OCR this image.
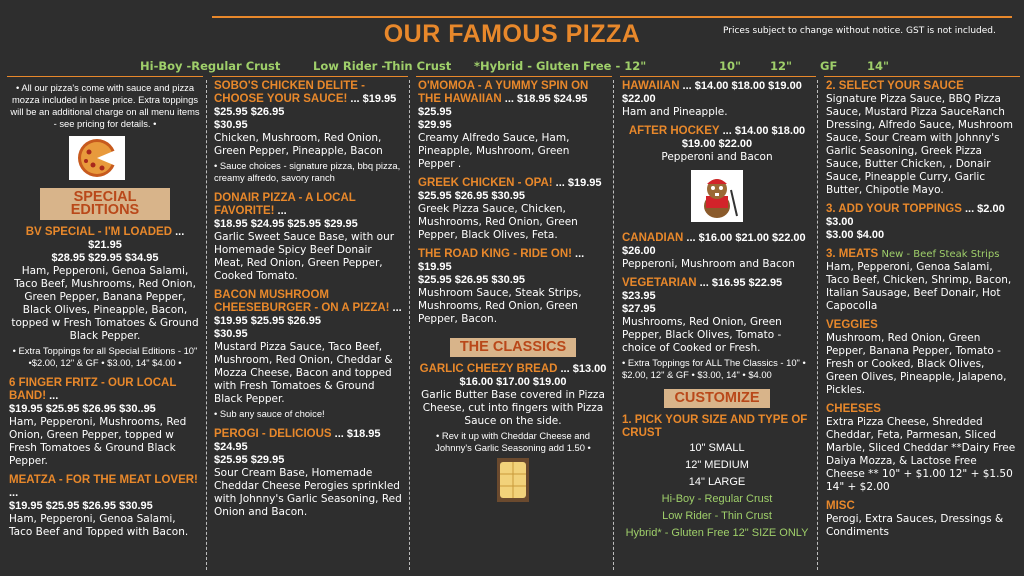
OUR FAMOUS PIZZA	Prices subject to change without notice. GST is not included.
Hi-Boy -Regular Crust	Low Rider -Thin Crust *Hybrid - Gluten Free - 12"	10"	12" GF	14"
• All our pizza's come with sauce and pizza mozza included in base price. Extra toppings will be an additional charge on all menu items - see pricing for details. •
SPECIAL EDITIONS
BV SPECIAL - I'M LOADED ... $21.95
$28.95 $29.95 $34.95
Ham, Pepperoni, Genoa Salami, Taco Beef, Mushrooms, Red Onion, Green Pepper, Banana Pepper, Black Olives, Pineapple, Bacon, topped w Fresh Tomatoes & Ground Black Pepper.
• Extra Toppings for all Special Editions - 10" •$2.00, 12" & GF • $3.00, 14" $4.00 •
6 FINGER FRITZ - OUR LOCAL BAND! ...
$19.95 $25.95 $26.95 $30..95
Ham, Pepperoni, Mushrooms, Red Onion, Green Pepper, topped w Fresh Tomatoes & Ground Black Pepper.
MEATZA - FOR THE MEAT LOVER! ...
$19.95 $25.95 $26.95 $30.95
Ham, Pepperoni, Genoa Salami, Taco Beef and Topped with Bacon.
SOBO'S CHICKEN DELITE - CHOOSE YOUR SAUCE! ... $19.95 $25.95 $26.95
$30.95
Chicken, Mushroom, Red Onion, Green Pepper, Pineapple, Bacon
• Sauce choices - signature pizza, bbq pizza, creamy alfredo, savory ranch
DONAIR PIZZA - A LOCAL FAVORITE! ...
$18.95 $24.95 $25.95 $29.95
Garlic Sweet Sauce Base, with our Homemade Spicy Beef Donair Meat, Red Onion, Green Pepper, Cooked Tomato.
BACON MUSHROOM CHEESEBURGER - ON A PIZZA! ... $19.95 $25.95 $26.95
$30.95
Mustard Pizza Sauce, Taco Beef, Mushroom, Red Onion, Cheddar & Mozza Cheese, Bacon and topped with Fresh Tomatoes & Ground Black Pepper.
• Sub any sauce of choice!
PEROGI - DELICIOUS ... $18.95 $24.95
$25.95 $29.95
Sour Cream Base, Homemade Cheddar Cheese Perogies sprinkled with Johnny's Garlic Seasoning, Red Onion and Bacon.
O'MOMOA - A YUMMY SPIN ON THE HAWAIIAN ... $18.95 $24.95 $25.95
$29.95
Creamy Alfredo Sauce, Ham, Pineapple, Mushroom, Green Pepper .
GREEK CHICKEN - OPA! ... $19.95
$25.95 $26.95 $30.95
Greek Pizza Sauce, Chicken, Mushrooms, Red Onion, Green Pepper, Black Olives, Feta.
THE ROAD KING - RIDE ON! ... $19.95
$25.95 $26.95 $30.95
Mushroom Sauce, Steak Strips, Mushrooms, Red Onion, Green Pepper, Bacon.
THE CLASSICS
GARLIC CHEEZY BREAD ... $13.00
$16.00 $17.00 $19.00
Garlic Butter Base covered in Pizza Cheese, cut into fingers with Pizza Sauce on the side.
• Rev it up with Cheddar Cheese and Johnny's Garlic Seasoning add 1.50 •
HAWAIIAN ... $14.00 $18.00 $19.00
$22.00
Ham and Pineapple.
AFTER HOCKEY ... $14.00 $18.00
$19.00 $22.00
Pepperoni and Bacon
CANADIAN ... $16.00 $21.00 $22.00
$26.00
Pepperoni, Mushroom and Bacon
VEGETARIAN ... $16.95 $22.95 $23.95
$27.95
Mushrooms, Red Onion, Green Pepper, Black Olives, Tomato - choice of Cooked or Fresh.
• Extra Toppings for ALL The Classics - 10" • $2.00, 12" & GF • $3.00, 14" • $4.00
CUSTOMIZE
1. PICK YOUR SIZE AND TYPE OF CRUST
10" SMALL
12" MEDIUM
14" LARGE
Hi-Boy - Regular Crust
Low Rider - Thin Crust
Hybrid* - Gluten Free 12" SIZE ONLY
2. SELECT YOUR SAUCE
Signature Pizza Sauce, BBQ Pizza Sauce, Mustard Pizza SauceRanch Dressing, Alfredo Sauce, Mushroom Sauce, Sour Cream with Johnny's Garlic Seasoning, Greek Pizza Sauce, Butter Chicken, , Donair Sauce, Pineapple Curry, Garlic Butter, Chipotle Mayo.
3. ADD YOUR TOPPINGS ... $2.00 $3.00
$3.00 $4.00
3. MEATS New - Beef Steak Strips
Ham, Pepperoni, Genoa Salami, Taco Beef, Chicken, Shrimp, Bacon, Italian Sausage, Beef Donair, Hot Capocolla
VEGGIES
Mushroom, Red Onion, Green Pepper, Banana Pepper, Tomato - Fresh or Cooked, Black Olives, Green Olives, Pineapple, Jalapeno, Pickles.
CHEESES
Extra Pizza Cheese, Shredded Cheddar, Feta, Parmesan, Sliced Marble, Sliced Cheddar **Dairy Free Daiya Mozza, & Lactose Free Cheese ** 10" + $1.00 12" + $1.50 14" + $2.00
MISC
Perogi, Extra Sauces, Dressings & Condiments
